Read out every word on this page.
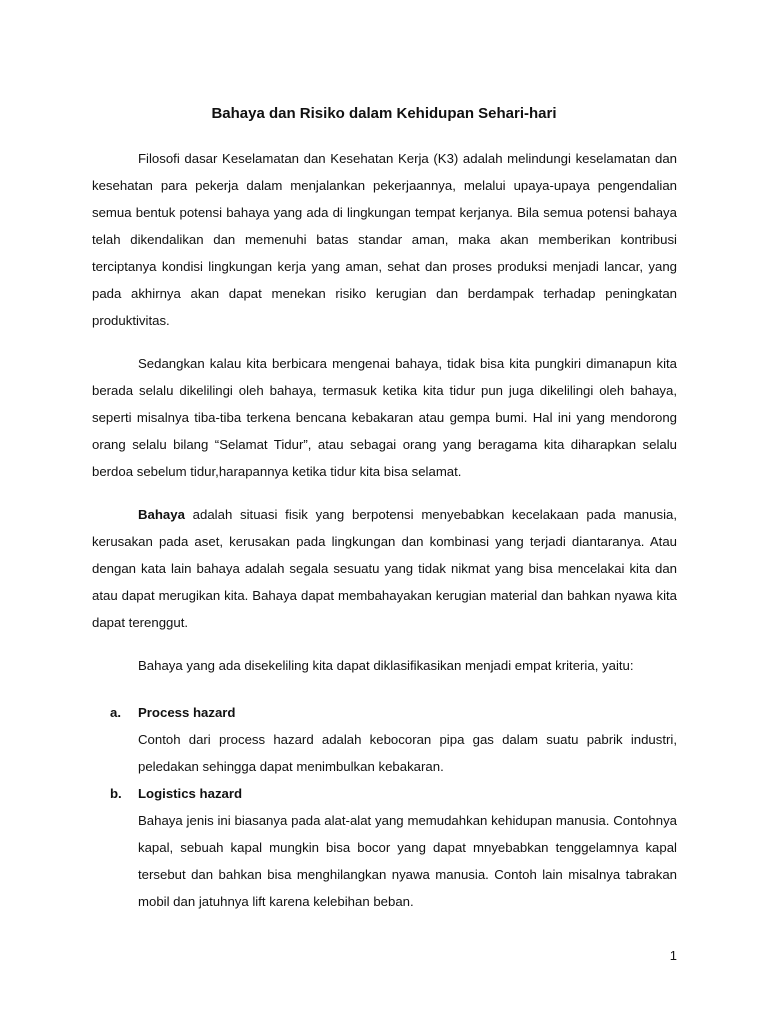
Bahaya dan Risiko dalam Kehidupan Sehari-hari

Filosofi dasar Keselamatan dan Kesehatan Kerja (K3) adalah melindungi keselamatan dan kesehatan para pekerja dalam menjalankan pekerjaannya, melalui upaya-upaya pengendalian semua bentuk potensi bahaya yang ada di lingkungan tempat kerjanya. Bila semua potensi bahaya telah dikendalikan dan memenuhi batas standar aman, maka akan memberikan kontribusi terciptanya kondisi lingkungan kerja yang aman, sehat dan proses produksi menjadi lancar, yang pada akhirnya akan dapat menekan risiko kerugian dan berdampak terhadap peningkatan produktivitas.

Sedangkan kalau kita berbicara mengenai bahaya, tidak bisa kita pungkiri dimanapun kita berada selalu dikelilingi oleh bahaya, termasuk ketika kita tidur pun juga dikelilingi oleh bahaya, seperti misalnya tiba-tiba terkena bencana kebakaran atau gempa bumi. Hal ini yang mendorong orang selalu bilang “Selamat Tidur”, atau sebagai orang yang beragama kita diharapkan selalu berdoa sebelum tidur,harapannya ketika tidur kita bisa selamat.

Bahaya adalah situasi fisik yang berpotensi menyebabkan kecelakaan pada manusia, kerusakan pada aset, kerusakan pada lingkungan dan kombinasi yang terjadi diantaranya. Atau dengan kata lain bahaya adalah segala sesuatu yang tidak nikmat yang bisa mencelakai kita dan atau dapat merugikan kita. Bahaya dapat membahayakan kerugian material dan bahkan nyawa kita dapat terenggut.

Bahaya yang ada disekeliling kita dapat diklasifikasikan menjadi empat kriteria, yaitu:

a. Process hazard

Contoh dari process hazard adalah kebocoran pipa gas dalam suatu pabrik industri, peledakan sehingga dapat menimbulkan kebakaran.

b. Logistics hazard

Bahaya jenis ini biasanya pada alat-alat yang memudahkan kehidupan manusia. Contohnya kapal, sebuah kapal mungkin bisa bocor yang dapat mnyebabkan tenggelamnya kapal tersebut dan bahkan bisa menghilangkan nyawa manusia. Contoh lain misalnya tabrakan mobil dan jatuhnya lift karena kelebihan beban.

1
